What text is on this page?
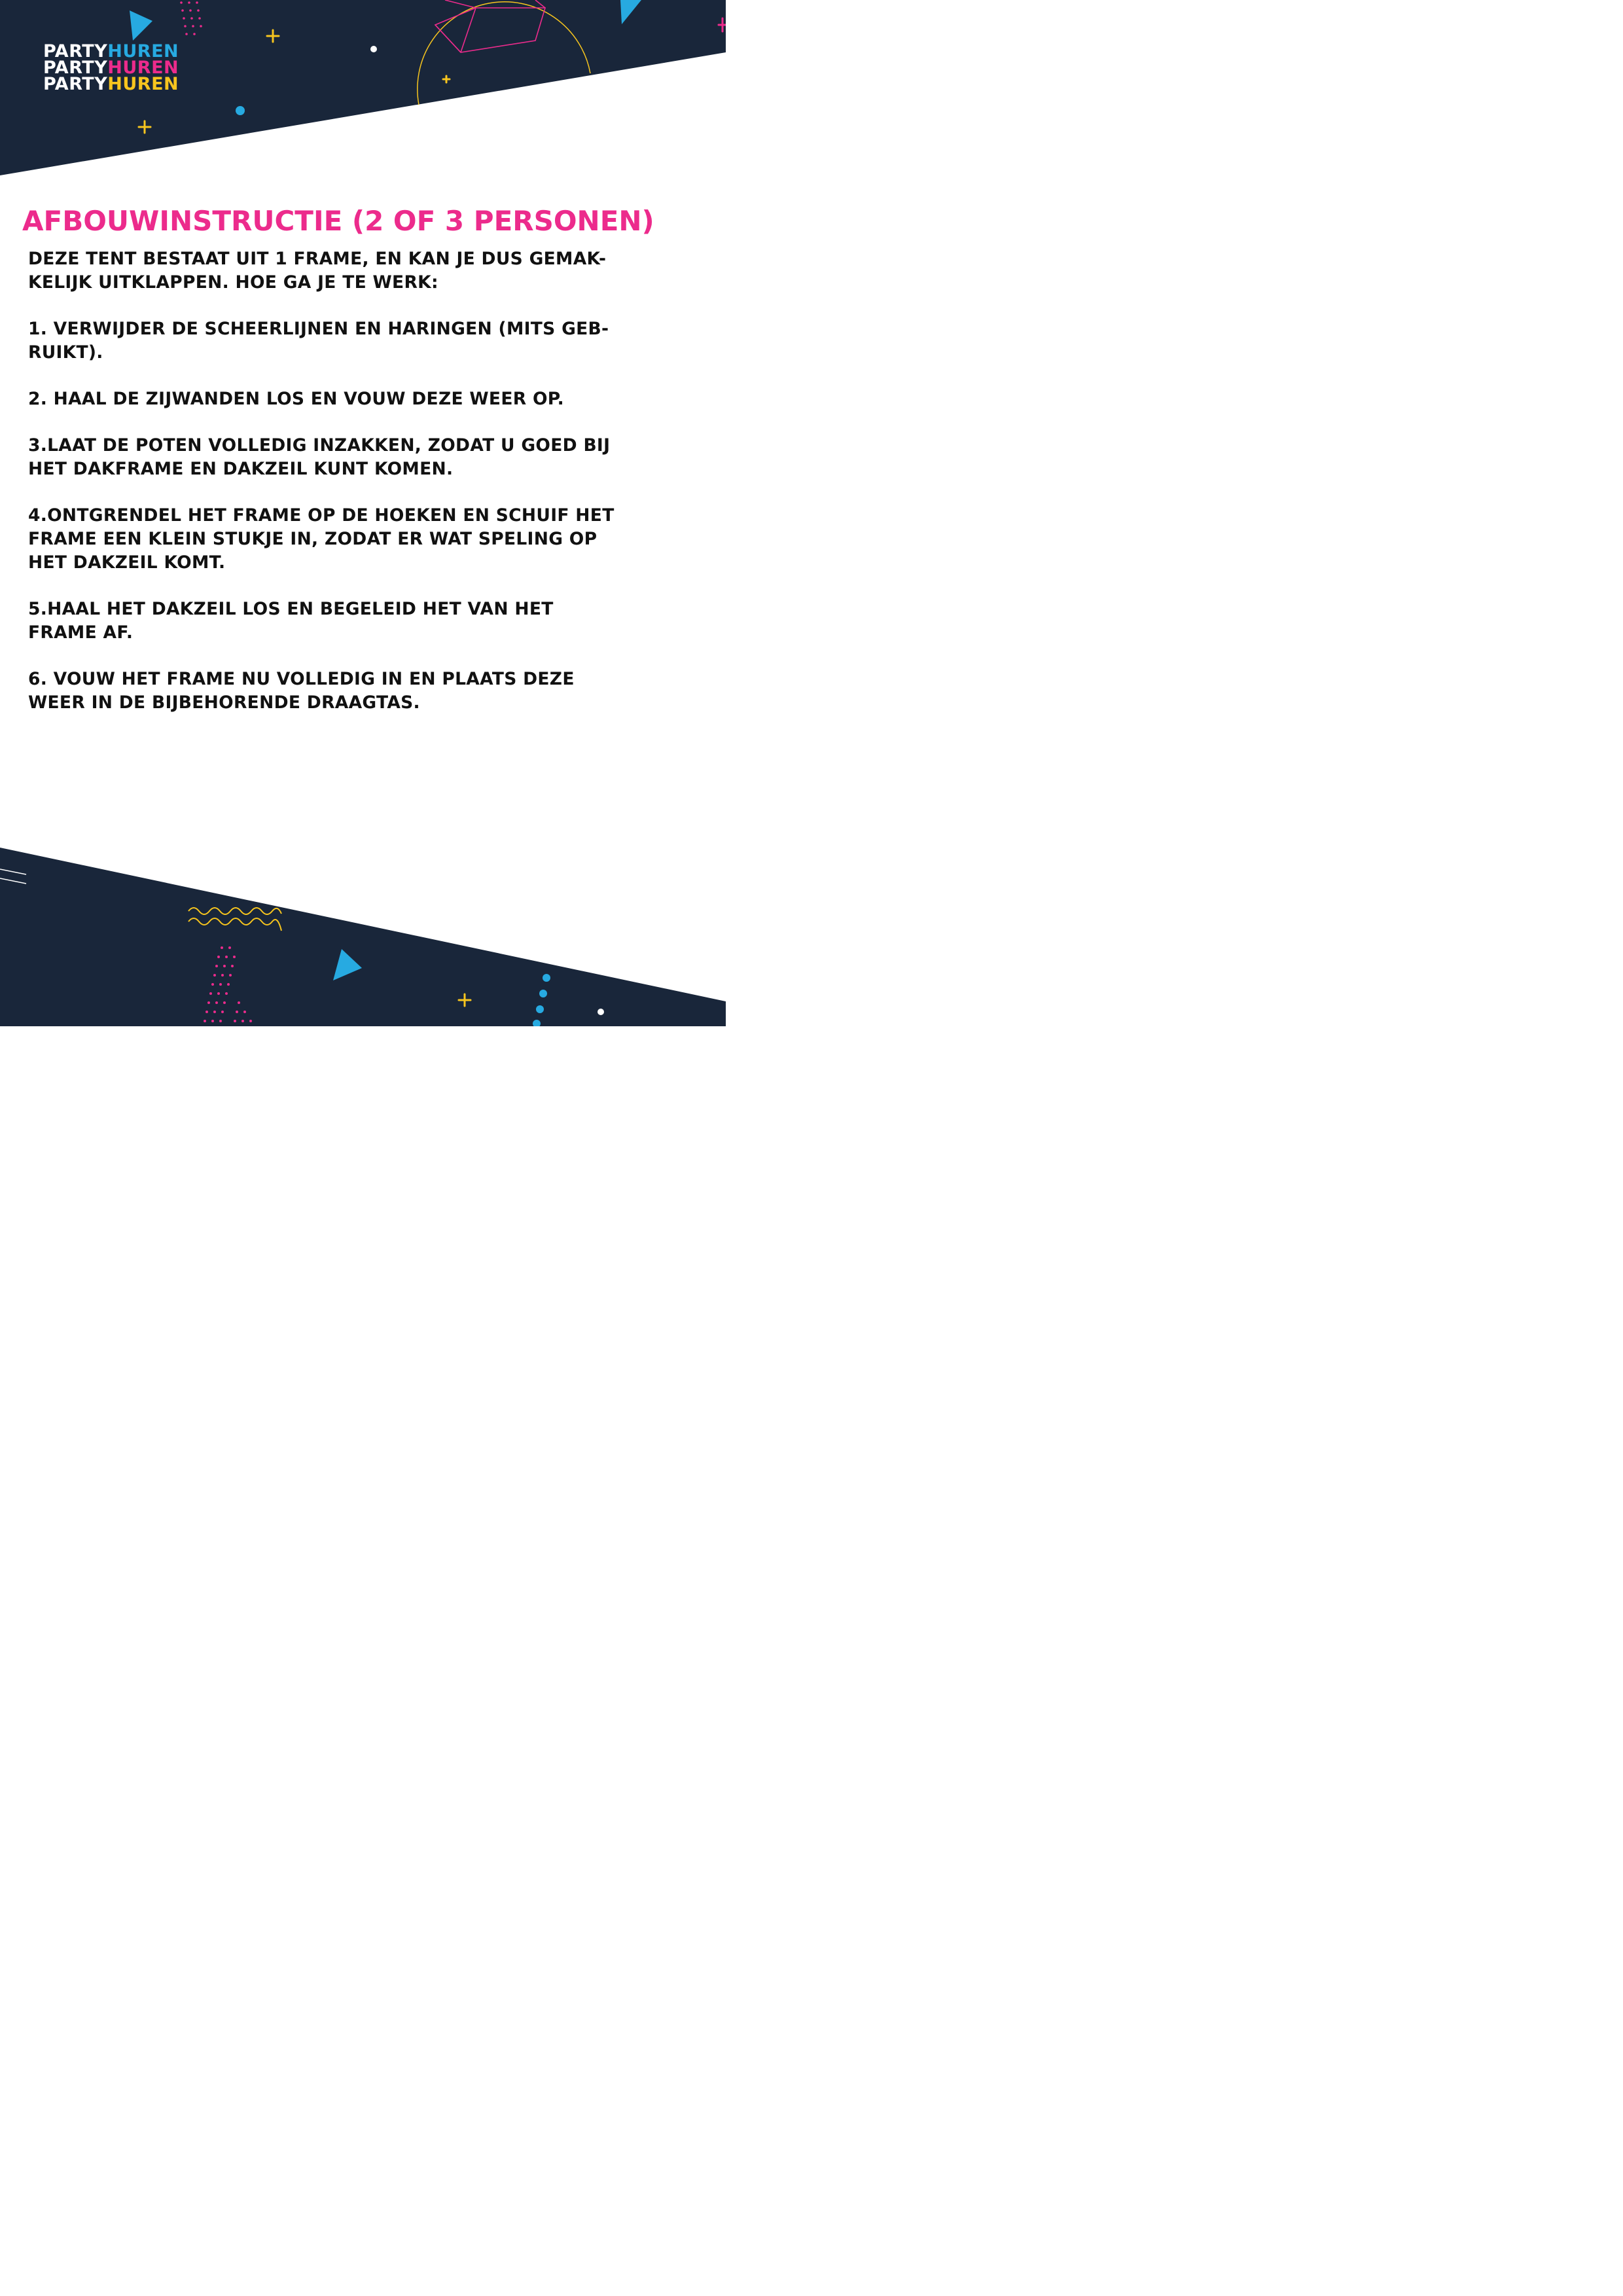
PARTYHUREN
PARTYHUREN
PARTYHUREN
AFBOUWINSTRUCTIE (2 OF 3 PERSONEN)

DEZE TENT BESTAAT UIT 1 FRAME, EN KAN JE DUS GEMAK-
KELIJK UITKLAPPEN. HOE GA JE TE WERK:

1. VERWIJDER DE SCHEERLIJNEN EN HARINGEN (MITS GEB-
RUIKT).

2. HAAL DE ZIJWANDEN LOS EN VOUW DEZE WEER OP.

3.LAAT DE POTEN VOLLEDIG INZAKKEN, ZODAT U GOED BIJ
HET DAKFRAME EN DAKZEIL KUNT KOMEN.

4.ONTGRENDEL HET FRAME OP DE HOEKEN EN SCHUIF HET
FRAME EEN KLEIN STUKJE IN, ZODAT ER WAT SPELING OP
HET DAKZEIL KOMT.

5.HAAL HET DAKZEIL LOS EN BEGELEID HET VAN HET
FRAME AF.

6. VOUW HET FRAME NU VOLLEDIG IN EN PLAATS DEZE
WEER IN DE BIJBEHORENDE DRAAGTAS.
